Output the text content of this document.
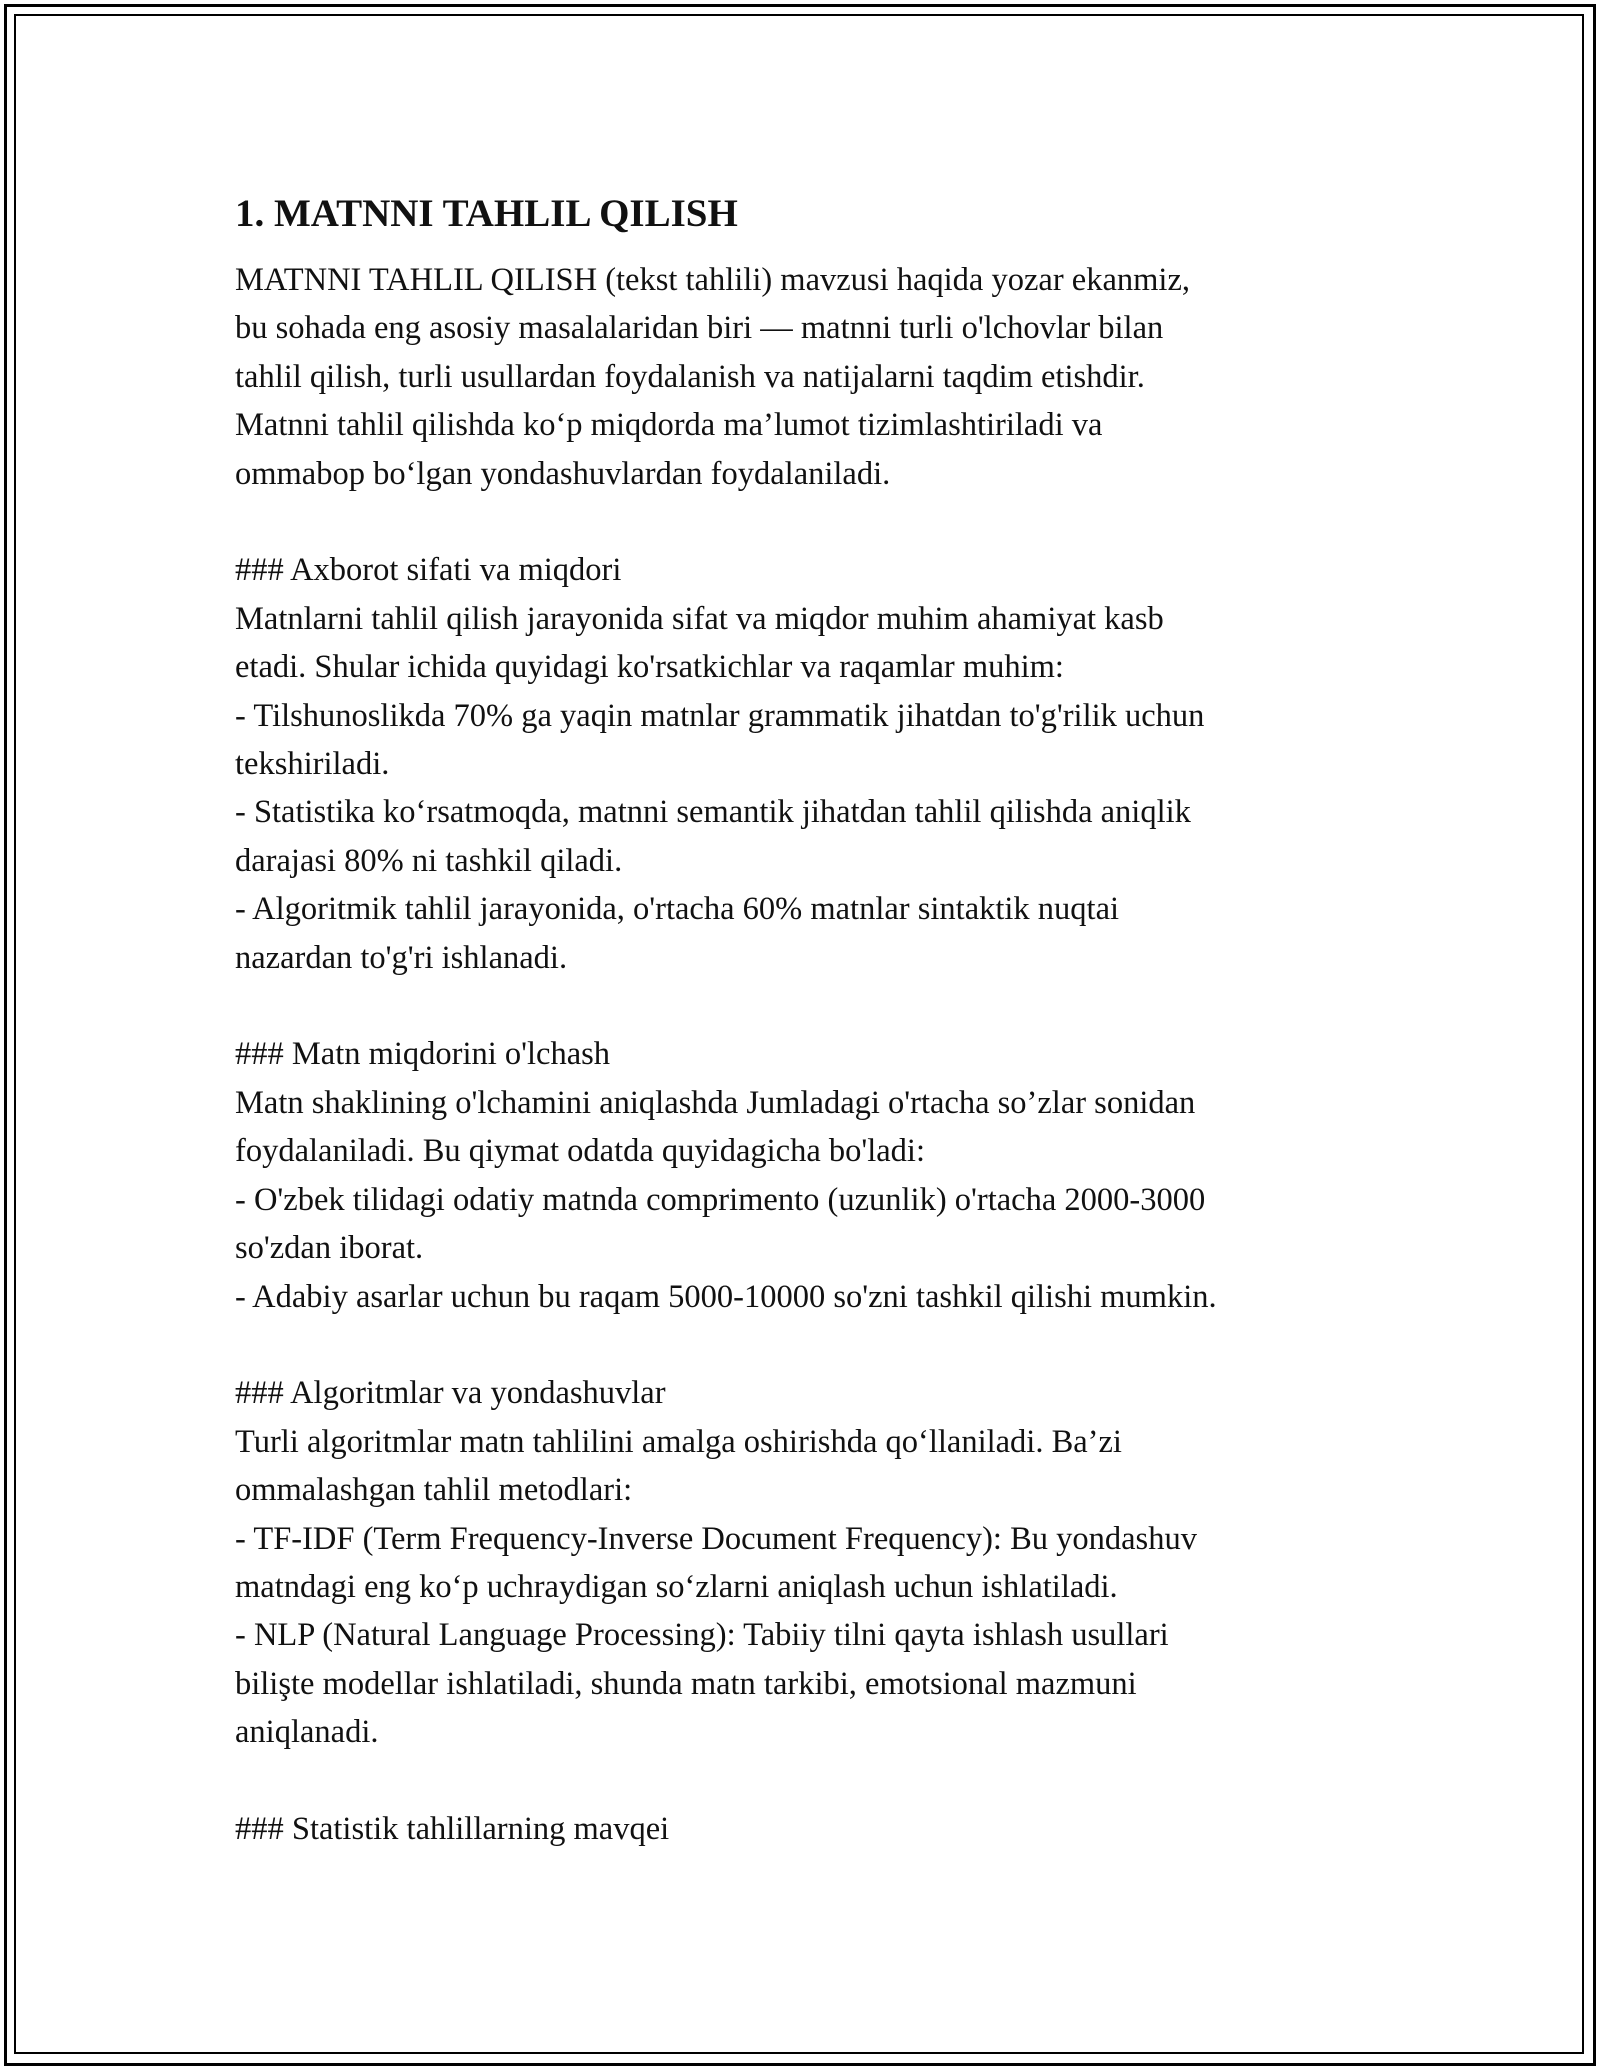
1. MATNNI TAHLIL QILISH

MATNNI TAHLIL QILISH (tekst tahlili) mavzusi haqida yozar ekanmiz,
bu sohada eng asosiy masalalaridan biri — matnni turli o'lchovlar bilan
tahlil qilish, turli usullardan foydalanish va natijalarni taqdim etishdir.
Matnni tahlil qilishda ko‘p miqdorda ma’lumot tizimlashtiriladi va
ommabop bo‘lgan yondashuvlardan foydalaniladi.
### Axborot sifati va miqdori
Matnlarni tahlil qilish jarayonida sifat va miqdor muhim ahamiyat kasb
etadi. Shular ichida quyidagi ko'rsatkichlar va raqamlar muhim:
- Tilshunoslikda 70% ga yaqin matnlar grammatik jihatdan to'g'rilik uchun
tekshiriladi.
- Statistika ko‘rsatmoqda, matnni semantik jihatdan tahlil qilishda aniqlik
darajasi 80% ni tashkil qiladi.
- Algoritmik tahlil jarayonida, o'rtacha 60% matnlar sintaktik nuqtai
nazardan to'g'ri ishlanadi.
### Matn miqdorini o'lchash
Matn shaklining o'lchamini aniqlashda Jumladagi o'rtacha so’zlar sonidan
foydalaniladi. Bu qiymat odatda quyidagicha bo'ladi:
- O'zbek tilidagi odatiy matnda comprimento (uzunlik) o'rtacha 2000-3000
so'zdan iborat.
- Adabiy asarlar uchun bu raqam 5000-10000 so'zni tashkil qilishi mumkin.
### Algoritmlar va yondashuvlar
Turli algoritmlar matn tahlilini amalga oshirishda qo‘llaniladi. Ba’zi
ommalashgan tahlil metodlari:
- TF-IDF (Term Frequency-Inverse Document Frequency): Bu yondashuv
matndagi eng ko‘p uchraydigan so‘zlarni aniqlash uchun ishlatiladi.
- NLP (Natural Language Processing): Tabiiy tilni qayta ishlash usullari
bilişte modellar ishlatiladi, shunda matn tarkibi, emotsional mazmuni
aniqlanadi.
### Statistik tahlillarning mavqei
